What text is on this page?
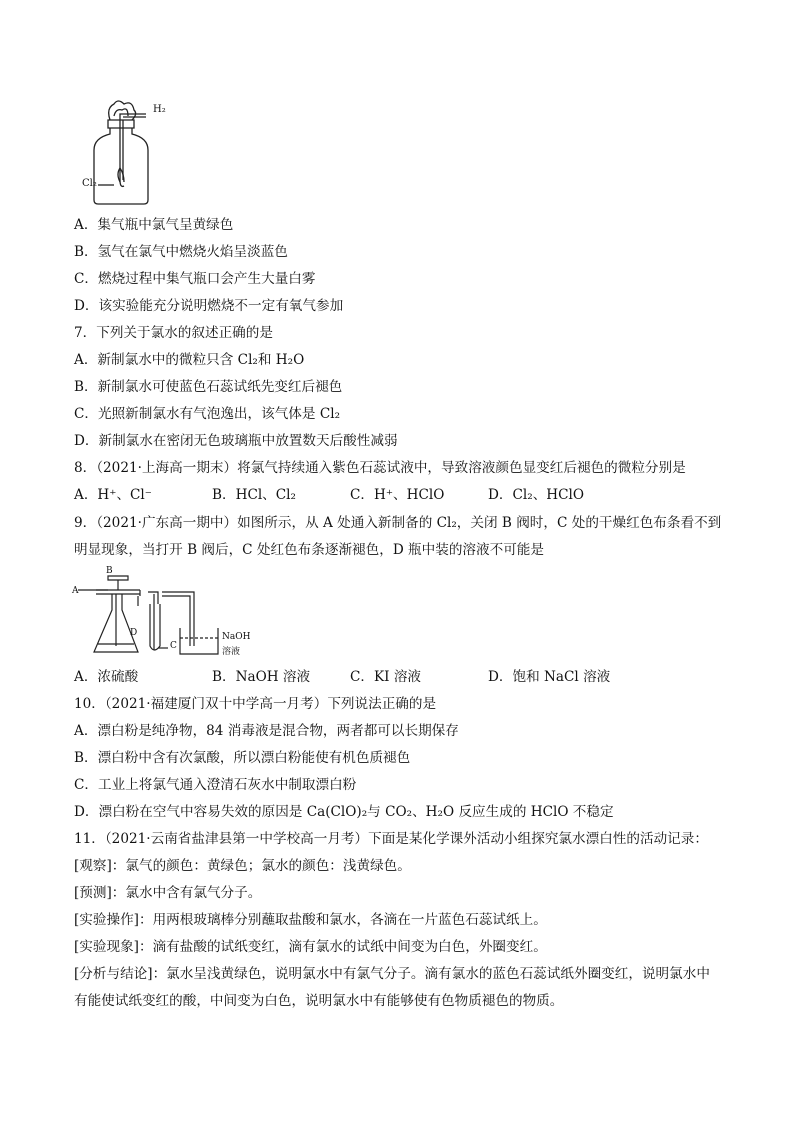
H₂
Cl₂
A．集气瓶中氯气呈黄绿色
B．氢气在氯气中燃烧火焰呈淡蓝色
C．燃烧过程中集气瓶口会产生大量白雾
D．该实验能充分说明燃烧不一定有氧气参加
7．下列关于氯水的叙述正确的是
A．新制氯水中的微粒只含 Cl₂和 H₂O
B．新制氯水可使蓝色石蕊试纸先变红后褪色
C．光照新制氯水有气泡逸出，该气体是 Cl₂
D．新制氯水在密闭无色玻璃瓶中放置数天后酸性减弱
8．（2021·上海高一期末）将氯气持续通入紫色石蕊试液中，导致溶液颜色显变红后褪色的微粒分别是
A．H⁺、Cl⁻	B．HCl、Cl₂	C．H⁺、HClO	D．Cl₂、HClO
9．（2021·广东高一期中）如图所示，从 A 处通入新制备的 Cl₂，关闭 B 阀时，C 处的干燥红色布条看不到
明显现象，当打开 B 阀后，C 处红色布条逐渐褪色，D 瓶中装的溶液不可能是
A
B
D
C
NaOH
溶液
A．浓硫酸	B．NaOH 溶液	C．KI 溶液	D．饱和 NaCl 溶液
10．（2021·福建厦门双十中学高一月考）下列说法正确的是
A．漂白粉是纯净物，84 消毒液是混合物，两者都可以长期保存
B．漂白粉中含有次氯酸，所以漂白粉能使有机色质褪色
C．工业上将氯气通入澄清石灰水中制取漂白粉
D．漂白粉在空气中容易失效的原因是 Ca(ClO)₂与 CO₂、H₂O 反应生成的 HClO 不稳定
11．（2021·云南省盐津县第一中学校高一月考）下面是某化学课外活动小组探究氯水漂白性的活动记录：
[观察]：氯气的颜色：黄绿色；氯水的颜色：浅黄绿色。
[预测]：氯水中含有氯气分子。
[实验操作]：用两根玻璃棒分别蘸取盐酸和氯水，各滴在一片蓝色石蕊试纸上。
[实验现象]：滴有盐酸的试纸变红，滴有氯水的试纸中间变为白色，外圈变红。
[分析与结论]：氯水呈浅黄绿色，说明氯水中有氯气分子。滴有氯水的蓝色石蕊试纸外圈变红，说明氯水中
有能使试纸变红的酸，中间变为白色，说明氯水中有能够使有色物质褪色的物质。
